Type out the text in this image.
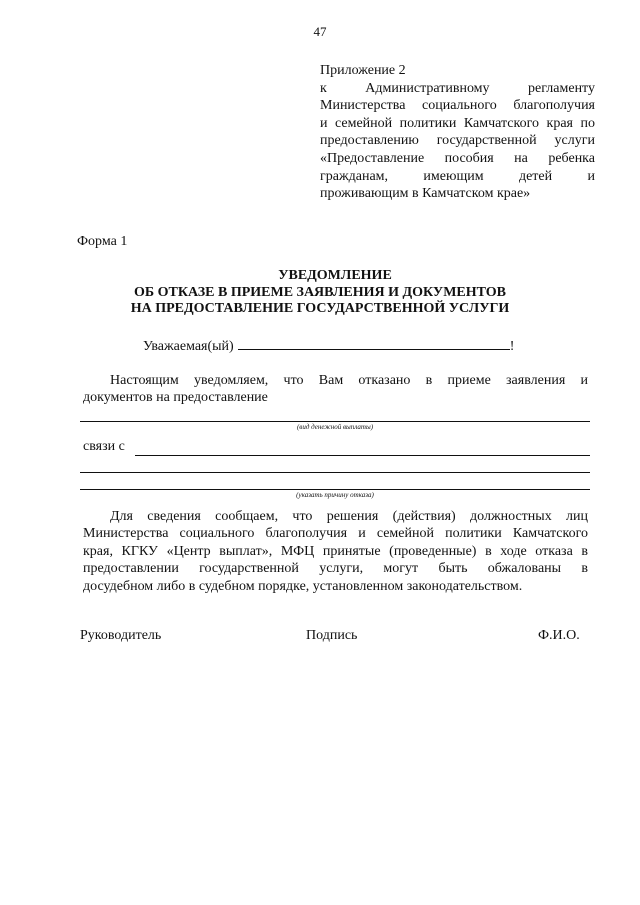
47
Приложение 2
к Административному регламенту
Министерства социального благополучия
и семейной политики Камчатского края по
предоставлению государственной услуги
«Предоставление пособия на ребенка
гражданам, имеющим детей и
проживающим в Камчатском крае»
Форма 1
УВЕДОМЛЕНИЕ
ОБ ОТКАЗЕ В ПРИЕМЕ ЗАЯВЛЕНИЯ И ДОКУМЕНТОВ
НА ПРЕДОСТАВЛЕНИЕ ГОСУДАРСТВЕННОЙ УСЛУГИ
Уважаемая(ый)	!
Настоящим уведомляем, что Вам отказано в приеме заявления и
документов на предоставление
(вид денежной выплаты)
связи с
(указать причину отказа)
Для сведения сообщаем, что решения (действия) должностных лиц
Министерства социального благополучия и семейной политики Камчатского
края, КГКУ «Центр выплат», МФЦ принятые (проведенные) в ходе отказа в
предоставлении государственной услуги, могут быть обжалованы в
досудебном либо в судебном порядке, установленном законодательством.
Руководитель	Подпись	Ф.И.О.
